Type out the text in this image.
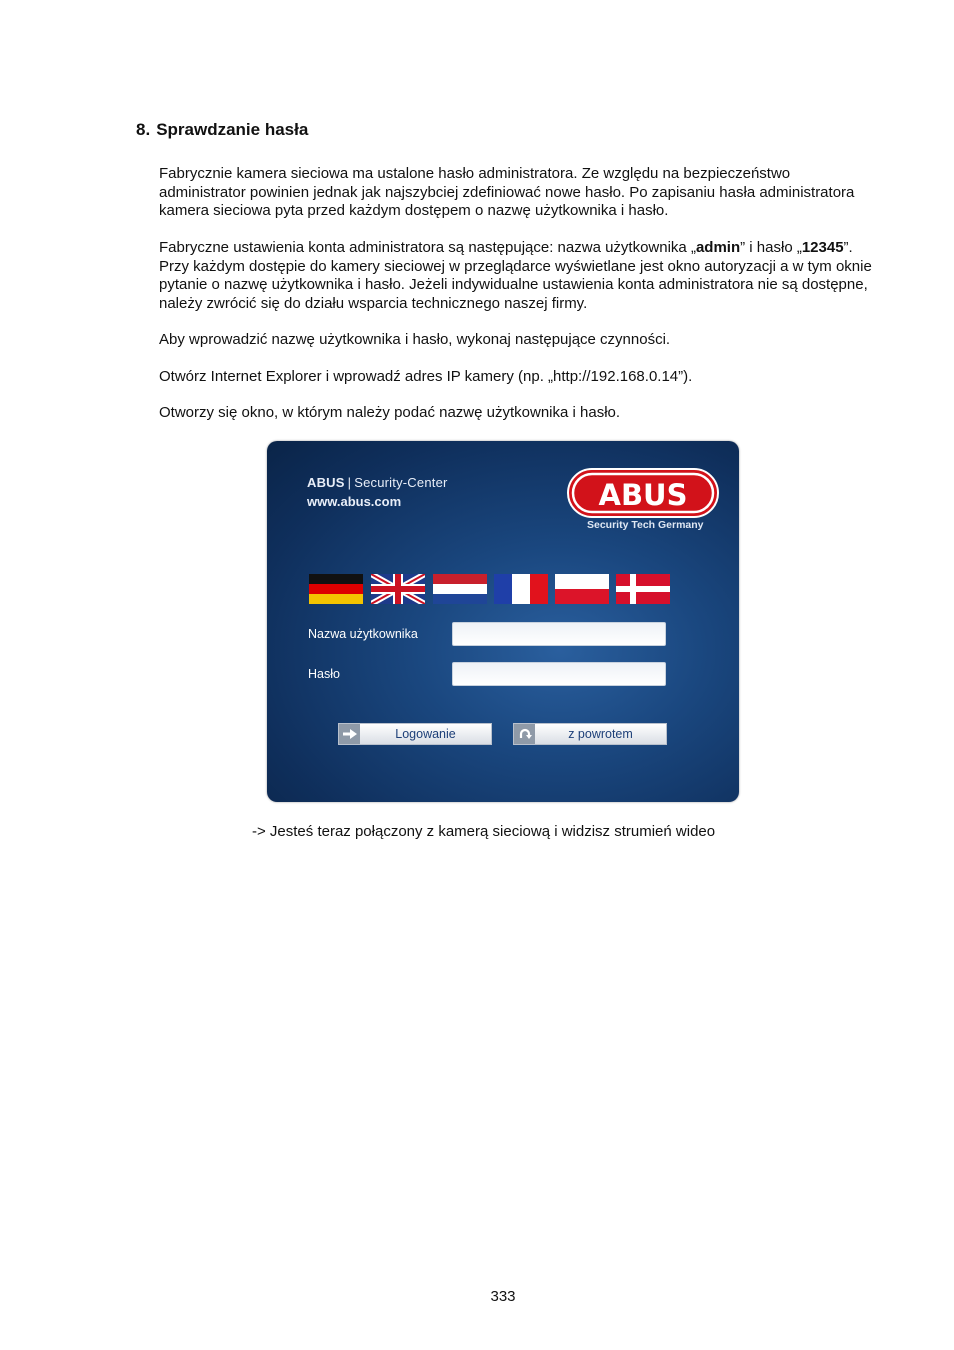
8. Sprawdzanie hasła

Fabrycznie kamera sieciowa ma ustalone hasło administratora. Ze względu na bezpieczeństwo administrator powinien jednak jak najszybciej zdefiniować nowe hasło. Po zapisaniu hasła administratora kamera sieciowa pyta przed każdym dostępem o nazwę użytkownika i hasło.

Fabryczne ustawienia konta administratora są następujące: nazwa użytkownika „admin” i hasło „12345”. Przy każdym dostępie do kamery sieciowej w przeglądarce wyświetlane jest okno autoryzacji a w tym oknie pytanie o nazwę użytkownika i hasło. Jeżeli indywidualne ustawienia konta administratora nie są dostępne, należy zwrócić się do działu wsparcia technicznego naszej firmy.

Aby wprowadzić nazwę użytkownika i hasło, wykonaj następujące czynności.

Otwórz Internet Explorer i wprowadź adres IP kamery (np. „http://192.168.0.14”).

Otworzy się okno, w którym należy podać nazwę użytkownika i hasło.

ABUS | Security-Center
www.abus.com	ABUS
Security Tech Germany
Nazwa użytkownika
Hasło
Logowanie	z powrotem

-> Jesteś teraz połączony z kamerą sieciową i widzisz strumień wideo

333
